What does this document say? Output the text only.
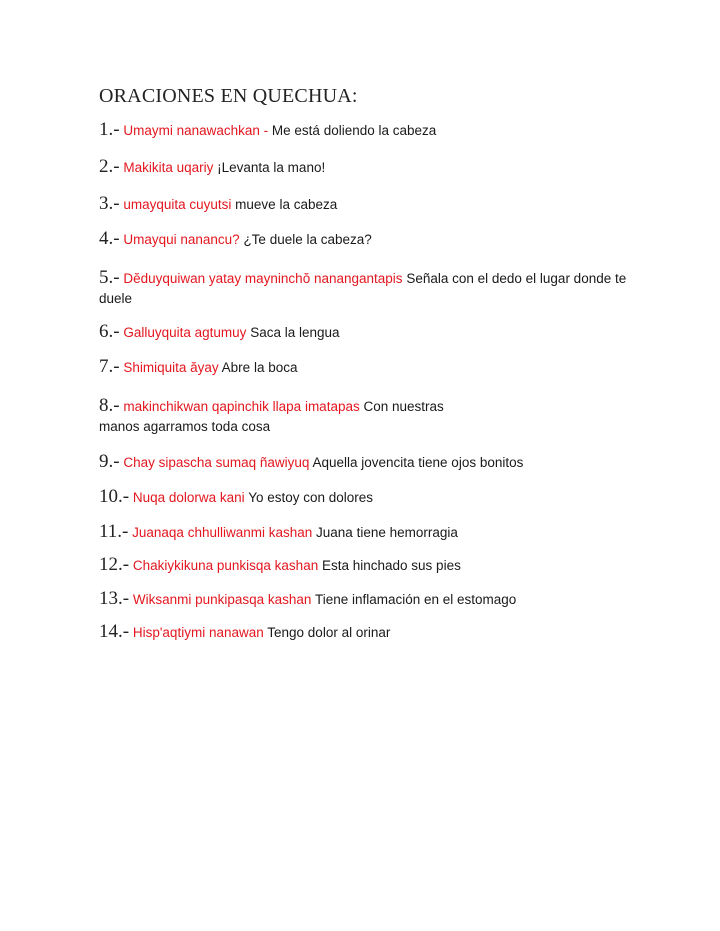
ORACIONES EN QUECHUA:
1.- Umaymi nanawachkan - Me está doliendo la cabeza
2.- Makikita uqariy ¡Levanta la mano!
3.- umayquita cuyutsi mueve la cabeza
4.- Umayqui nanancu? ¿Te duele la cabeza?
5.- Dĕduyquiwan yatay mayninchŏ nanangantapis Señala con el dedo el lugar donde te duele
6.- Galluyquita agtumuy Saca la lengua
7.- Shimiquita ăyay Abre la boca
8.- makinchikwan qapinchik llapa imatapas Con nuestras manos agarramos toda cosa
9.- Chay sipascha sumaq ñawiyuq Aquella jovencita tiene ojos bonitos
10.- Nuqa dolorwa kani Yo estoy con dolores
11.- Juanaqa chhulliwanmi kashan Juana tiene hemorragia
12.- Chakiykikuna punkisqa kashan Esta hinchado sus pies
13.- Wiksanmi punkipasqa kashan Tiene inflamación en el estomago
14.- Hisp'aqtiymi nanawan Tengo dolor al orinar
